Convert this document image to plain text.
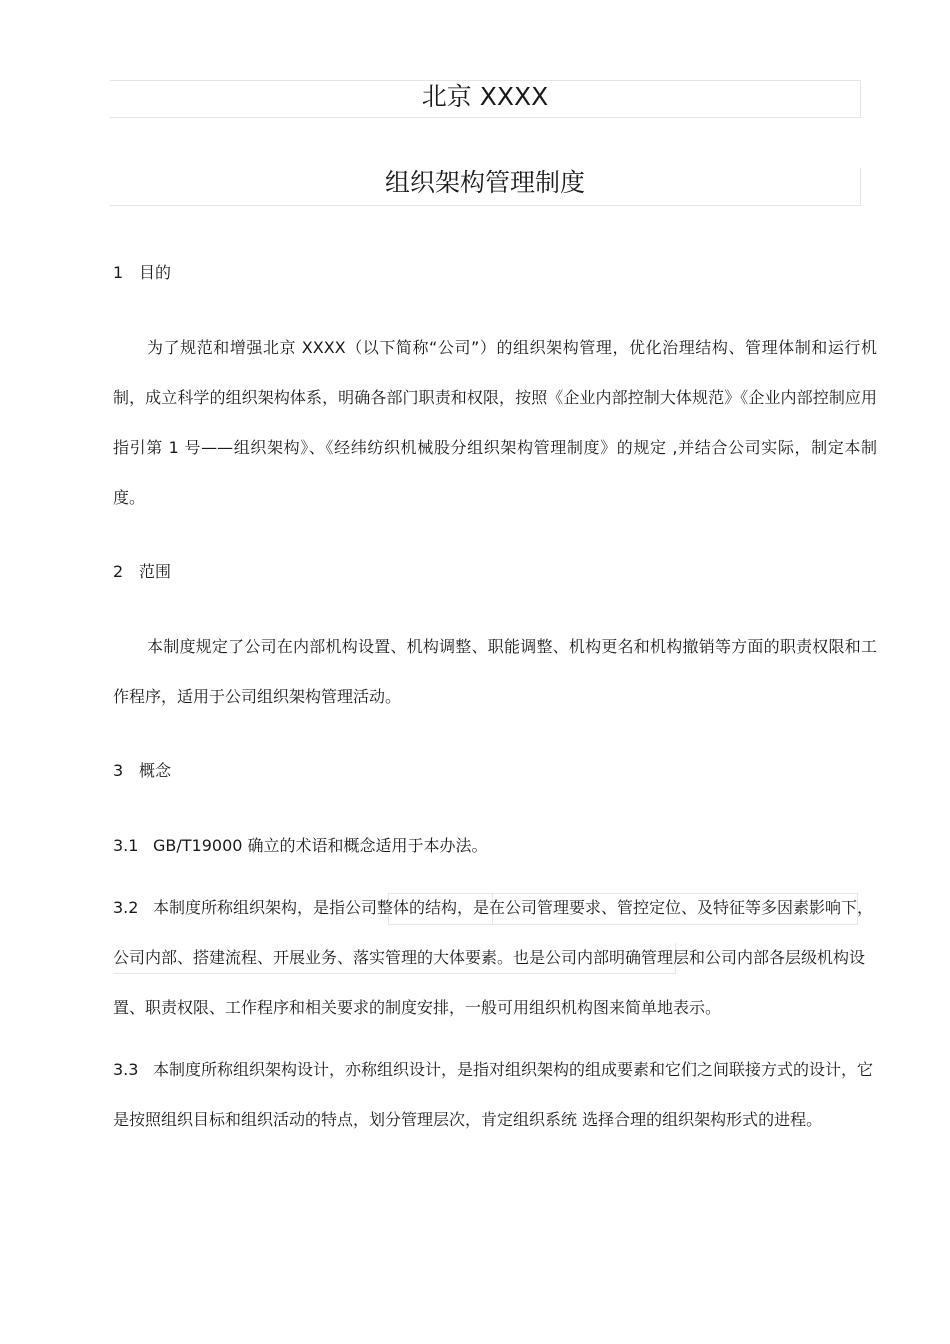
北京 XXXX
组织架构管理制度
1 目的
为了规范和增强北京 XXXX（以下简称“公司”）的组织架构管理，优化治理结构、管理体制和运行机制，成立科学的组织架构体系，明确各部门职责和权限，按照《企业内部控制大体规范》《企业内部控制应用指引第 1 号——组织架构》、《经纬纺织机械股分组织架构管理制度》的规定 ,并结合公司实际，制定本制度。
2 范围
本制度规定了公司在内部机构设置、机构调整、职能调整、机构更名和机构撤销等方面的职责权限和工作程序，适用于公司组织架构管理活动。
3 概念
3.1 GB/T19000 确立的术语和概念适用于本办法。
3.2 本制度所称组织架构，是指公司整体的结构，是在公司管理要求、管控定位、及特征等多因素影响下，公司内部、搭建流程、开展业务、落实管理的大体要素。也是公司内部明确管理层和公司内部各层级机构设置、职责权限、工作程序和相关要求的制度安排，一般可用组织机构图来简单地表示。
3.3 本制度所称组织架构设计，亦称组织设计，是指对组织架构的组成要素和它们之间联接方式的设计，它是按照组织目标和组织活动的特点，划分管理层次，肯定组织系统 选择合理的组织架构形式的进程。
